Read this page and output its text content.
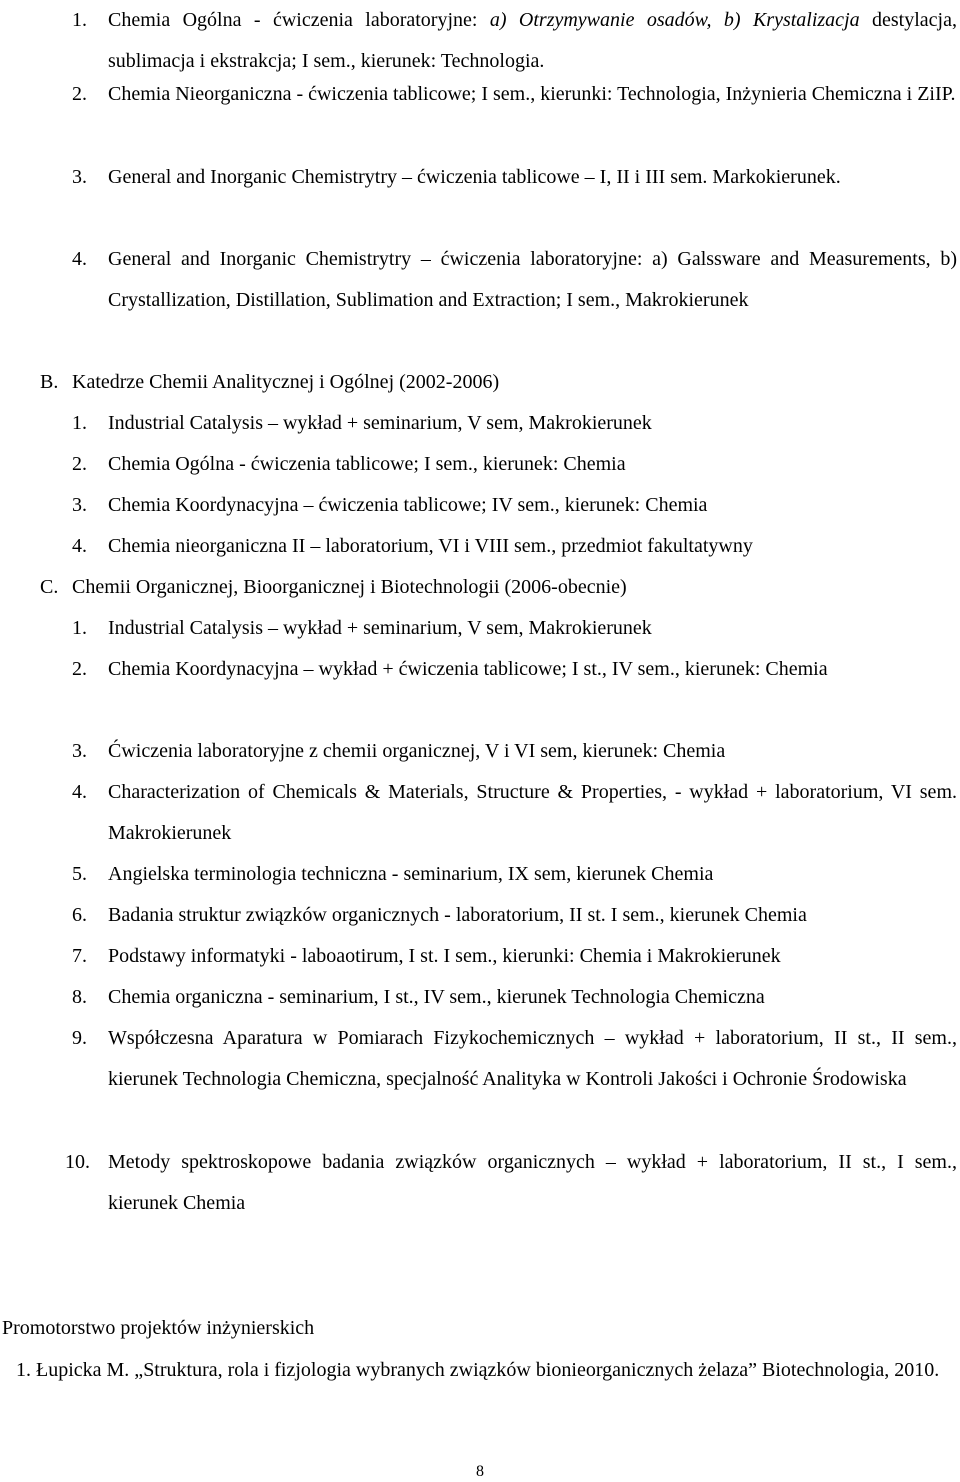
1.	Chemia Ogólna - ćwiczenia laboratoryjne: a) Otrzymywanie osadów, b) Krystalizacja destylacja, sublimacja i ekstrakcja; I sem., kierunek: Technologia.
2.	Chemia Nieorganiczna - ćwiczenia tablicowe; I sem., kierunki: Technologia, Inżynieria Chemiczna i ZiIP.
3.	General and Inorganic Chemistrytry – ćwiczenia tablicowe – I, II i III sem. Markokierunek.
4.	General and Inorganic Chemistrytry – ćwiczenia laboratoryjne: a) Galssware and Measurements, b) Crystallization, Distillation, Sublimation and Extraction; I sem., Makrokierunek
B. Katedrze Chemii Analitycznej i Ogólnej (2002-2006)
1.	Industrial Catalysis – wykład + seminarium, V sem, Makrokierunek
2.	Chemia Ogólna - ćwiczenia tablicowe; I sem., kierunek: Chemia
3.	Chemia Koordynacyjna – ćwiczenia tablicowe; IV sem., kierunek: Chemia
4.	Chemia nieorganiczna II – laboratorium, VI i VIII sem., przedmiot fakultatywny
C. Chemii Organicznej, Bioorganicznej i Biotechnologii (2006-obecnie)
1.	Industrial Catalysis – wykład + seminarium, V sem, Makrokierunek
2.	Chemia Koordynacyjna – wykład + ćwiczenia tablicowe; I st., IV sem., kierunek: Chemia
3.	Ćwiczenia laboratoryjne z chemii organicznej, V i VI sem, kierunek: Chemia
4.	Characterization of Chemicals & Materials, Structure & Properties, - wykład + laboratorium, VI sem. Makrokierunek
5.	Angielska terminologia techniczna - seminarium, IX sem, kierunek Chemia
6.	Badania struktur związków organicznych - laboratorium, II st. I sem., kierunek Chemia
7.	Podstawy informatyki - laboaotirum, I st. I sem., kierunki: Chemia i Makrokierunek
8.	Chemia organiczna - seminarium, I st., IV sem., kierunek Technologia Chemiczna
9.	Współczesna Aparatura w Pomiarach Fizykochemicznych – wykład + laboratorium, II st., II sem., kierunek Technologia Chemiczna, specjalność Analityka w Kontroli Jakości i Ochronie Środowiska
10. Metody spektroskopowe badania związków organicznych – wykład + laboratorium, II st., I sem., kierunek Chemia
Promotorstwo projektów inżynierskich
1. Łupicka M. „Struktura, rola i fizjologia wybranych związków bionieorganicznych żelaza” Biotechnologia, 2010.
8
